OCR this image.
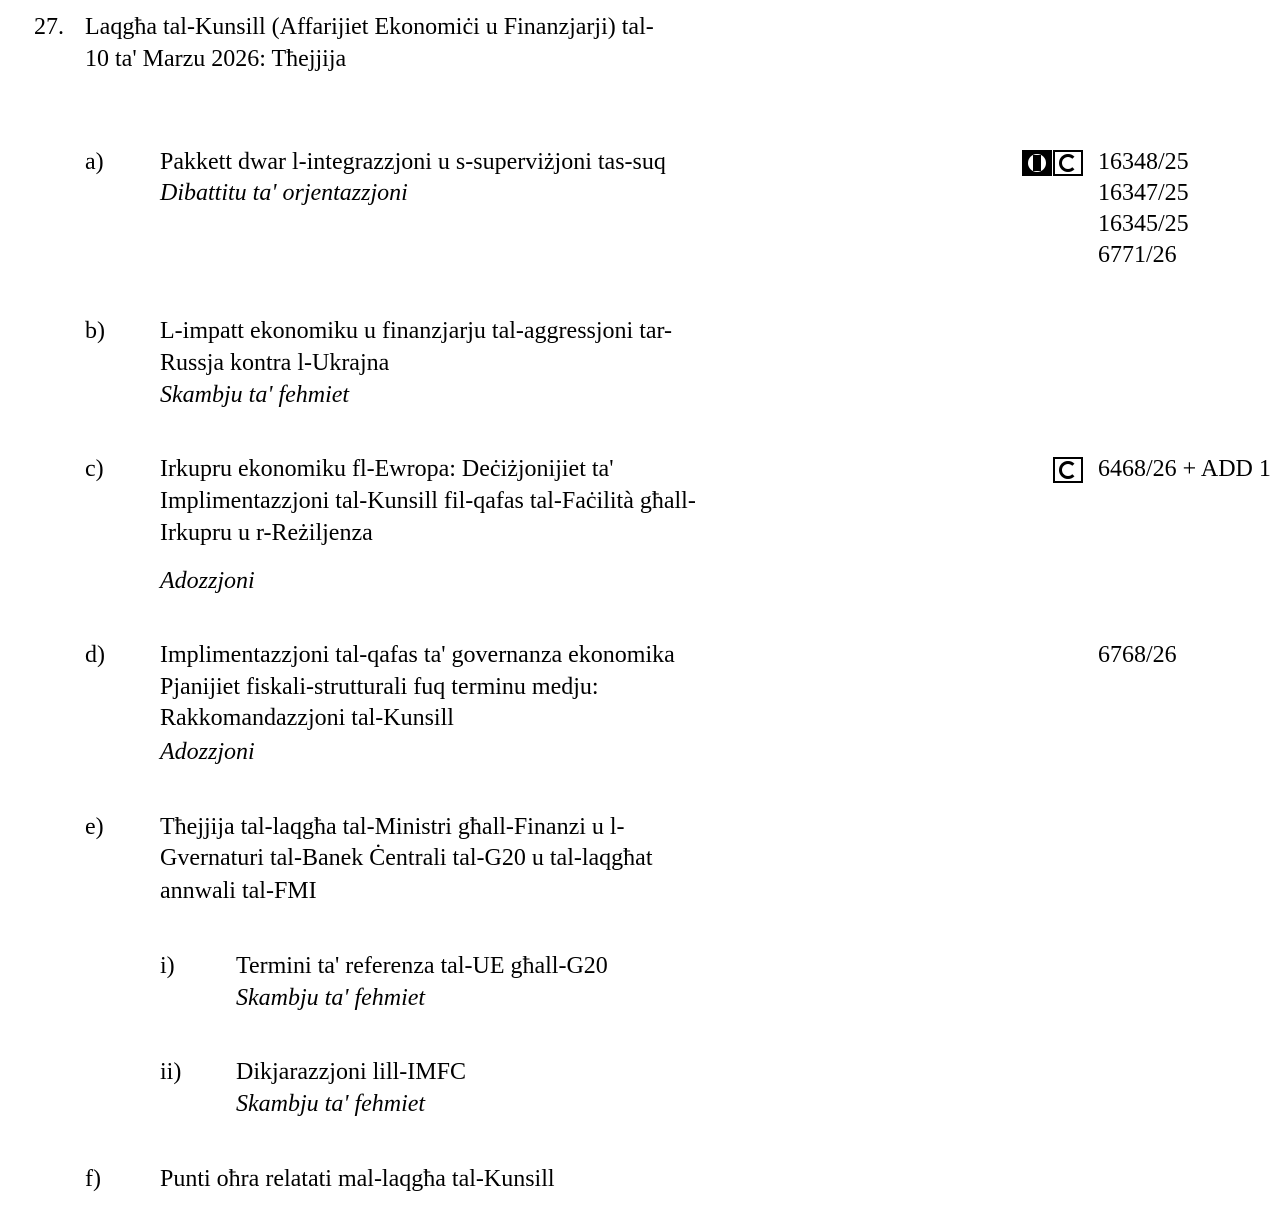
27. Laqgħa tal-Kunsill (Affarijiet Ekonomiċi u Finanzjarji) tal-
10 ta' Marzu 2026: Tħejjija
a) Pakkett dwar l-integrazzjoni u s-superviżjoni tas-suq
Dibattitu ta' orjentazzjoni
16348/25
16347/25
16345/25
6771/26
b) L-impatt ekonomiku u finanzjarju tal-aggressjoni tar-
Russja kontra l-Ukrajna
Skambju ta' fehmiet
c) Irkupru ekonomiku fl-Ewropa: Deċiżjonijiet ta'
Implimentazzjoni tal-Kunsill fil-qafas tal-Faċilità għall-
Irkupru u r-Reżiljenza
Adozzjoni
6468/26 + ADD 1
d) Implimentazzjoni tal-qafas ta' governanza ekonomika
Pjanijiet fiskali-strutturali fuq terminu medju:
Rakkomandazzjoni tal-Kunsill
Adozzjoni
6768/26
e) Tħejjija tal-laqgħa tal-Ministri għall-Finanzi u l-
Gvernaturi tal-Banek Ċentrali tal-G20 u tal-laqgħat
annwali tal-FMI
i)	Termini ta' referenza tal-UE għall-G20
Skambju ta' fehmiet
ii) Dikjarazzjoni lill-IMFC
Skambju ta' fehmiet
f) Punti oħra relatati mal-laqgħa tal-Kunsill
